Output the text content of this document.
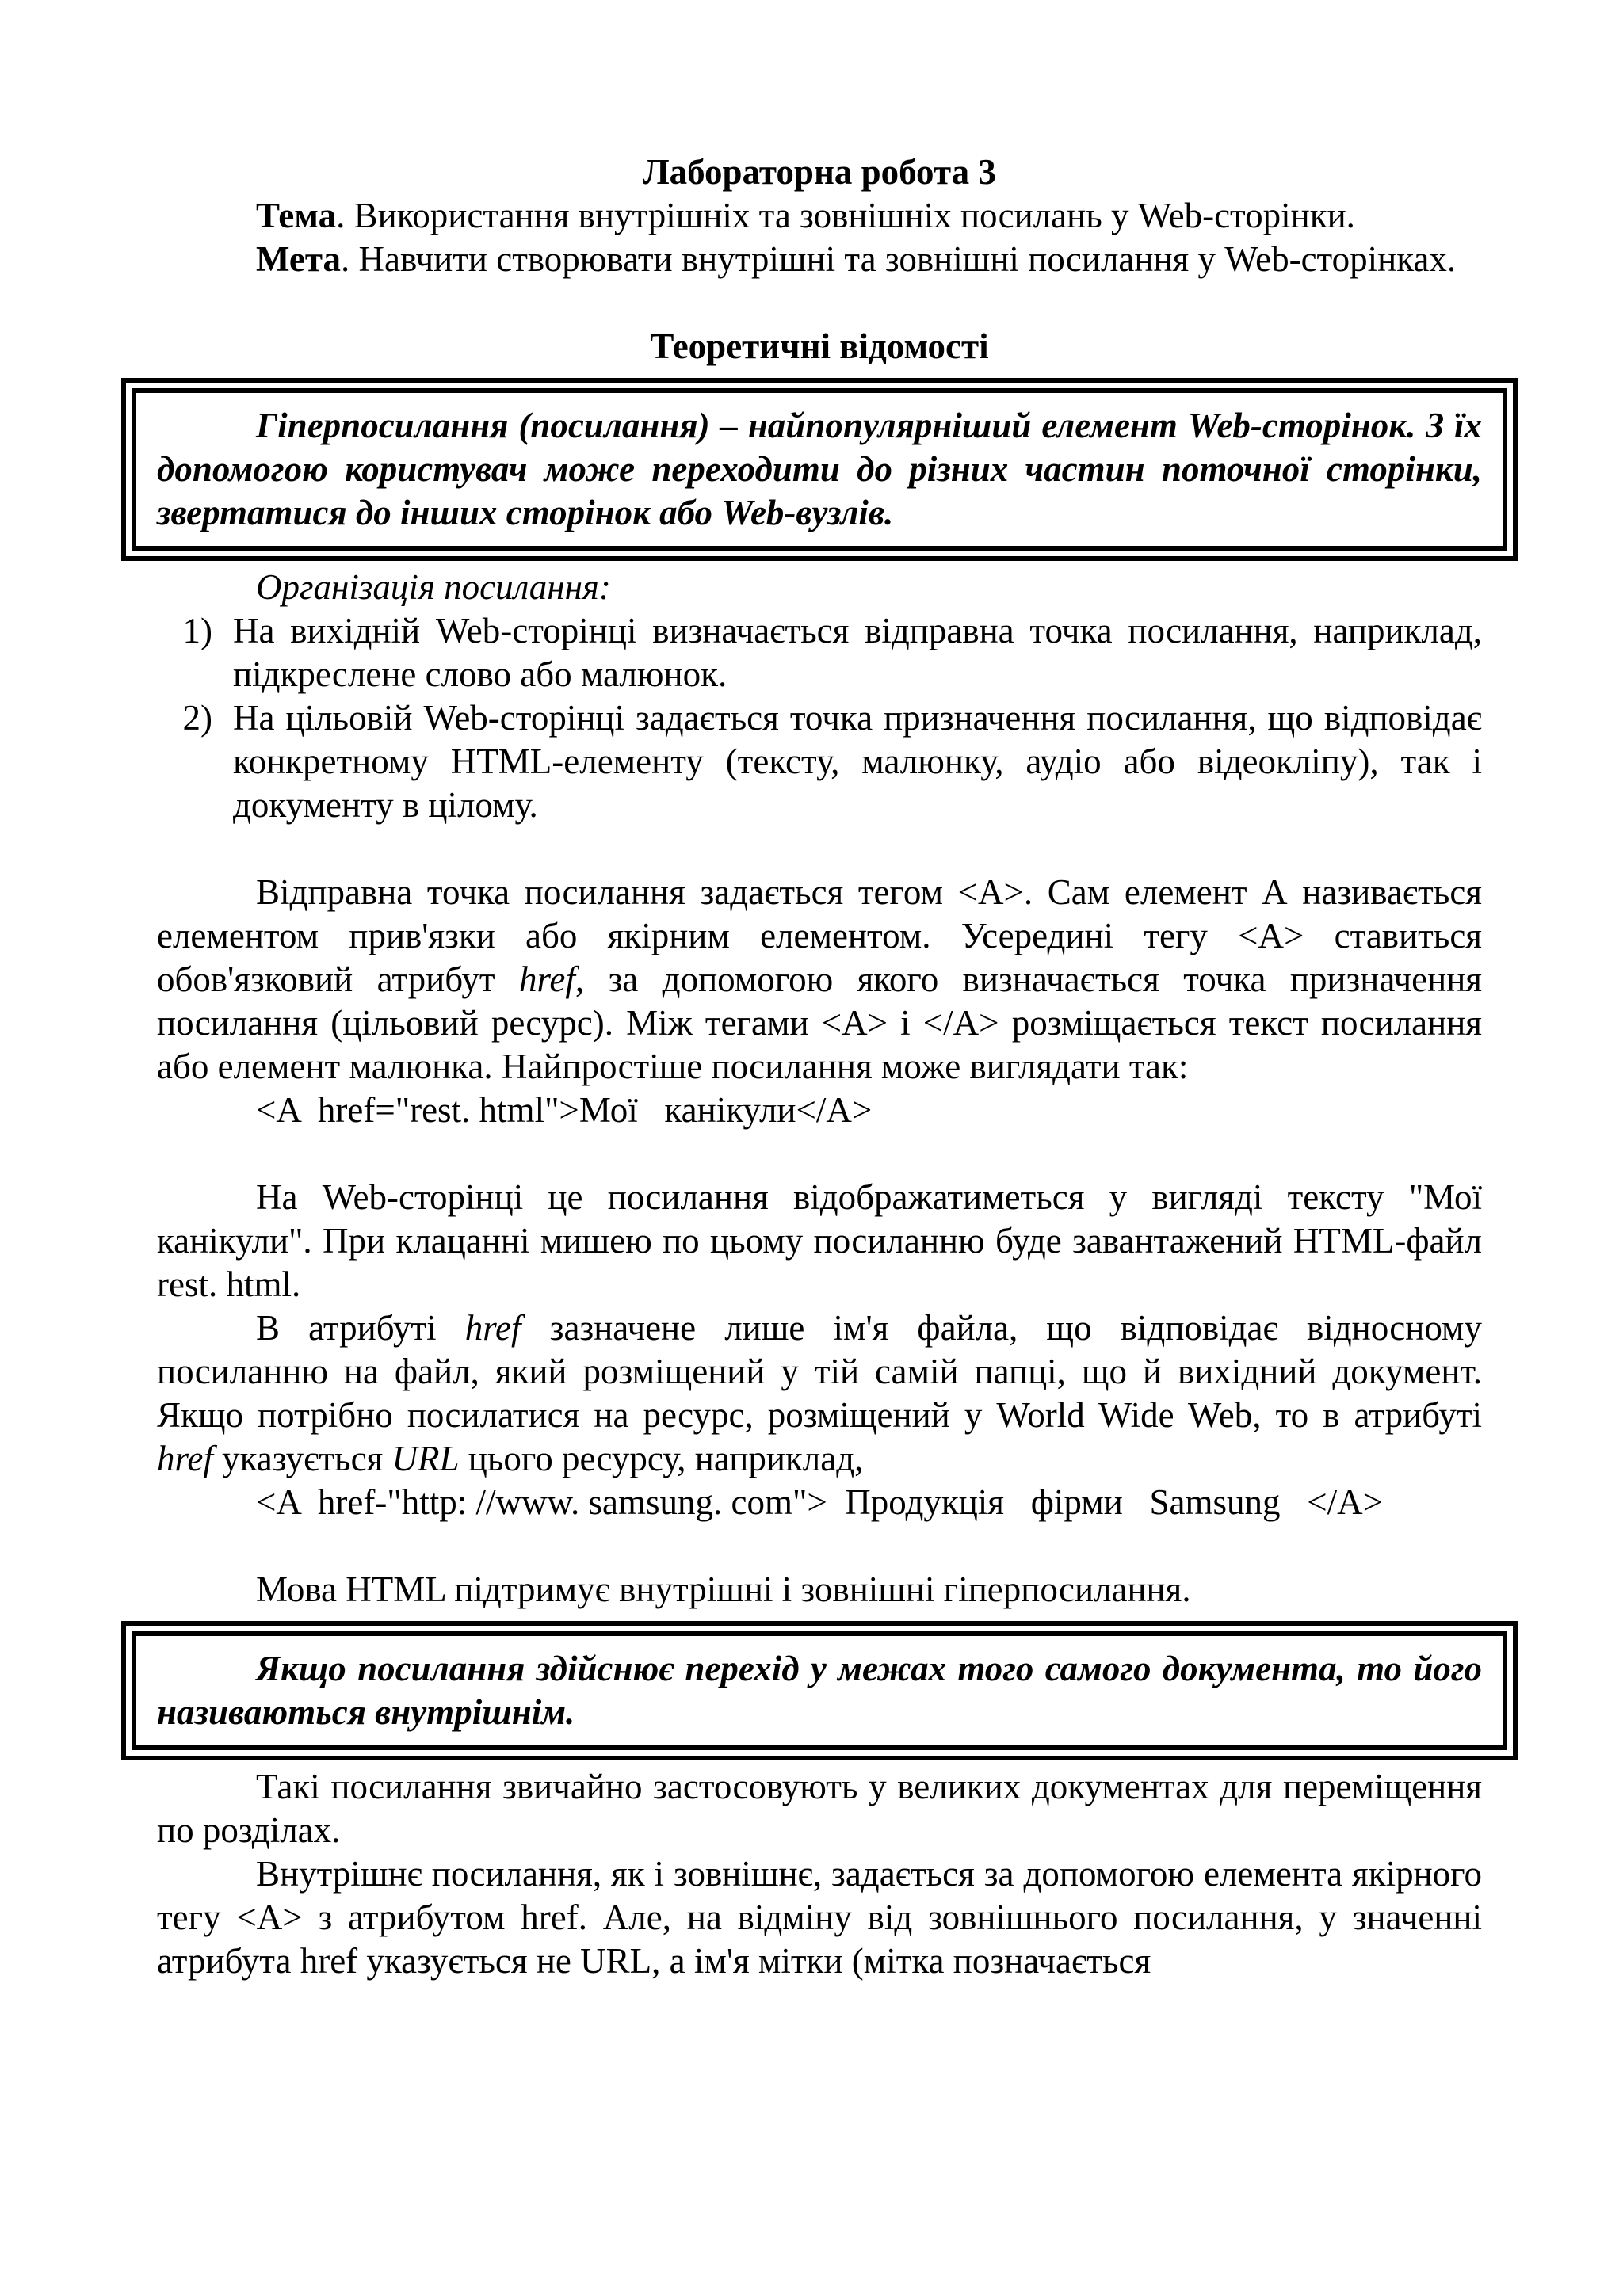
Лабораторна робота 3

Тема. Використання внутрішніх та зовнішніх посилань у Web-сторінки.

Мета. Навчити створювати внутрішні та зовнішні посилання у Web-сторінках.

Теоретичні відомості

Гіперпосилання (посилання) – найпопулярніший елемент Web-сторінок. З їх допомогою користувач може переходити до різних частин поточної сторінки, звертатися до інших сторінок або Web-вузлів.

Організація посилання:

1) На вихідній Web-сторінці визначається відправна точка посилання, наприклад, підкреслене слово або малюнок.
2) На цільовій Web-сторінці задається точка призначення посилання, що відповідає конкретному HTML-елементу (тексту, малюнку, аудіо або відеокліпу), так і документу в цілому.

Відправна точка посилання задається тегом <A>. Сам елемент А називається елементом прив'язки або якірним елементом. Усередині тегу <A> ставиться обов'язковий атрибут href, за допомогою якого визначається точка призначення посилання (цільовий ресурс). Між тегами <A> і </A> розміщається текст посилання або елемент малюнка. Найпростіше посилання може виглядати так:

<A  href="rest. html">Мої   канікули</A>

На Web-сторінці це посилання відображатиметься у вигляді тексту "Мої канікули". При клацанні мишею по цьому посиланню буде завантажений HTML-файл rest. html.

В атрибуті href зазначене лише ім'я файла, що відповідає відносному посиланню на файл, який розміщений у тій самій папці, що й вихідний документ. Якщо потрібно посилатися на ресурс, розміщений у World Wide Web, то в атрибуті href указується URL цього ресурсу, наприклад,

<A  href-"http: //www. samsung. com">  Продукція   фірми   Samsung   </A>

Мова HTML підтримує внутрішні і зовнішні гіперпосилання.

Якщо посилання здійснює перехід у межах того самого документа, то його називаються внутрішнім.

Такі посилання звичайно застосовують у великих документах для переміщення по розділах.

Внутрішнє посилання, як і зовнішнє, задається за допомогою елемента якірного тегу <A> з атрибутом href. Але, на відміну від зовнішнього посилання, у значенні атрибута href указується не URL, а ім'я мітки (мітка позначається
